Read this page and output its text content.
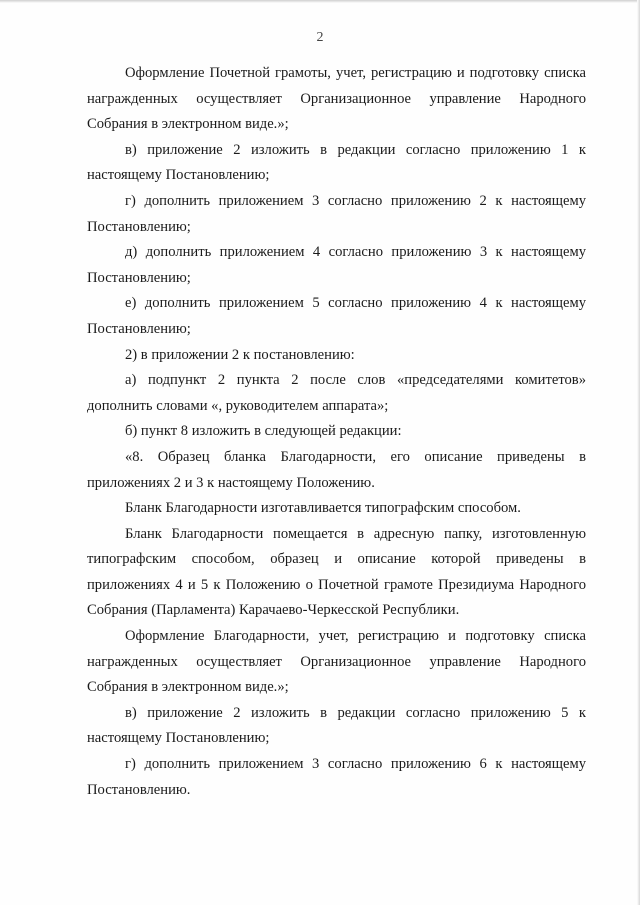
2

Оформление Почетной грамоты, учет, регистрацию и подготовку списка награжденных осуществляет Организационное управление Народного Собрания в электронном виде.»;

в) приложение 2 изложить в редакции согласно приложению 1 к настоящему Постановлению;

г) дополнить приложением 3 согласно приложению 2 к настоящему Постановлению;

д) дополнить приложением 4 согласно приложению 3 к настоящему Постановлению;

е) дополнить приложением 5 согласно приложению 4 к настоящему Постановлению;

2) в приложении 2 к постановлению:

а) подпункт 2 пункта 2 после слов «председателями комитетов» дополнить словами «, руководителем аппарата»;

б) пункт 8 изложить в следующей редакции:

«8. Образец бланка Благодарности, его описание приведены в приложениях 2 и 3 к настоящему Положению.

Бланк Благодарности изготавливается типографским способом.

Бланк Благодарности помещается в адресную папку, изготовленную типографским способом, образец и описание которой приведены в приложениях 4 и 5 к Положению о Почетной грамоте Президиума Народного Собрания (Парламента) Карачаево-Черкесской Республики.

Оформление Благодарности, учет, регистрацию и подготовку списка награжденных осуществляет Организационное управление Народного Собрания в электронном виде.»;

в) приложение 2 изложить в редакции согласно приложению 5 к настоящему Постановлению;

г) дополнить приложением 3 согласно приложению 6 к настоящему Постановлению.
